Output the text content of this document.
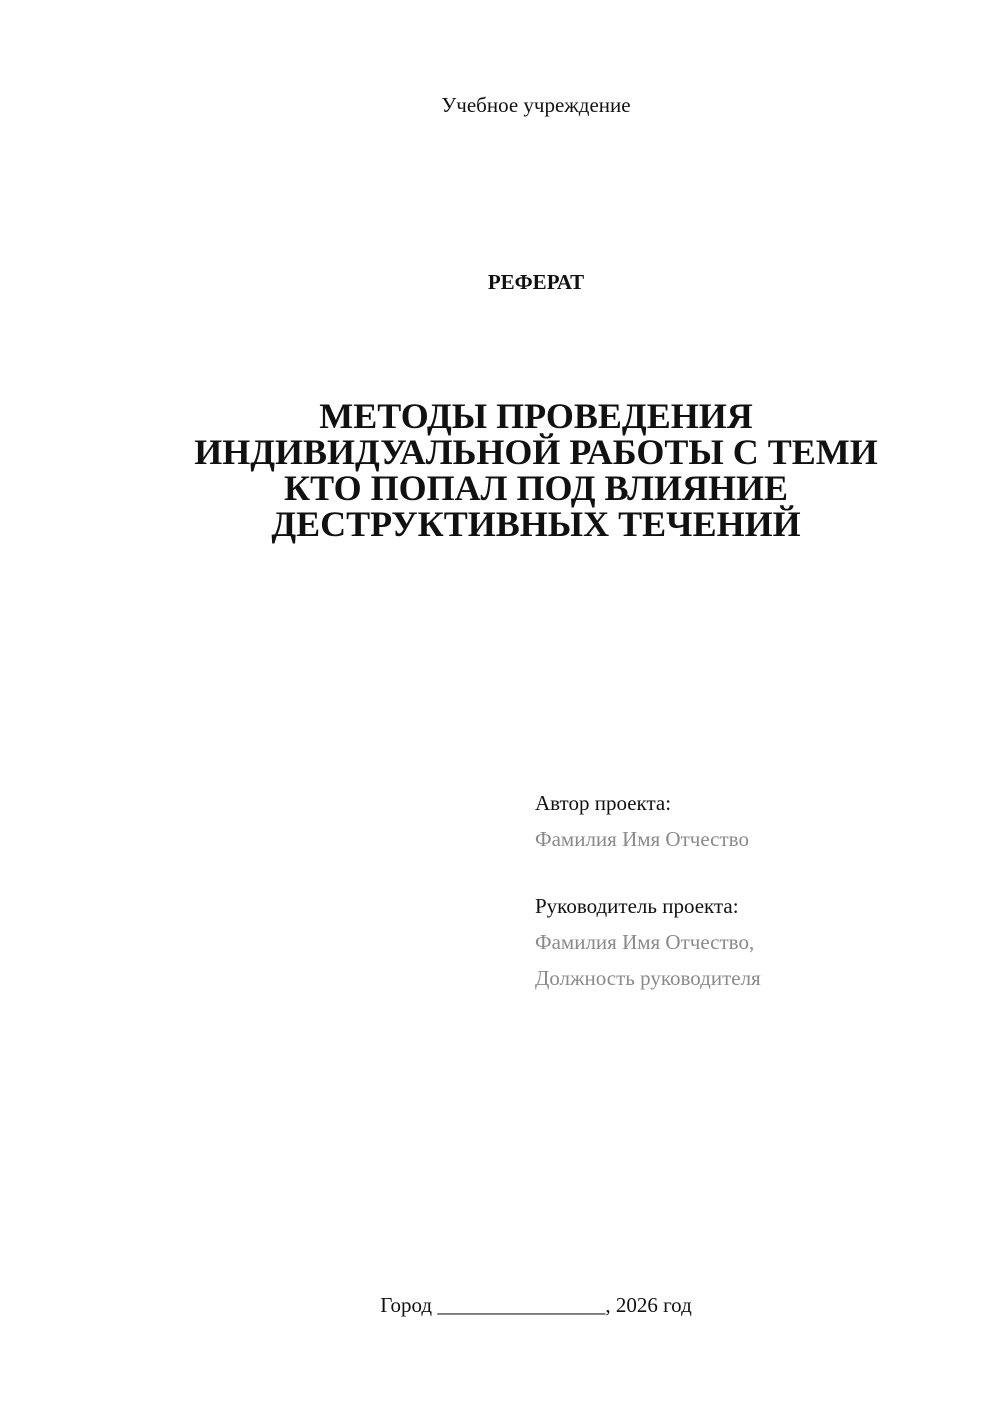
Учебное учреждение
РЕФЕРАТ
МЕТОДЫ ПРОВЕДЕНИЯ
ИНДИВИДУАЛЬНОЙ РАБОТЫ С ТЕМИ
КТО ПОПАЛ ПОД ВЛИЯНИЕ
ДЕСТРУКТИВНЫХ ТЕЧЕНИЙ
Автор проекта:
Фамилия Имя Отчество
Руководитель проекта:
Фамилия Имя Отчество,
Должность руководителя
Город ________________, 2026 год
